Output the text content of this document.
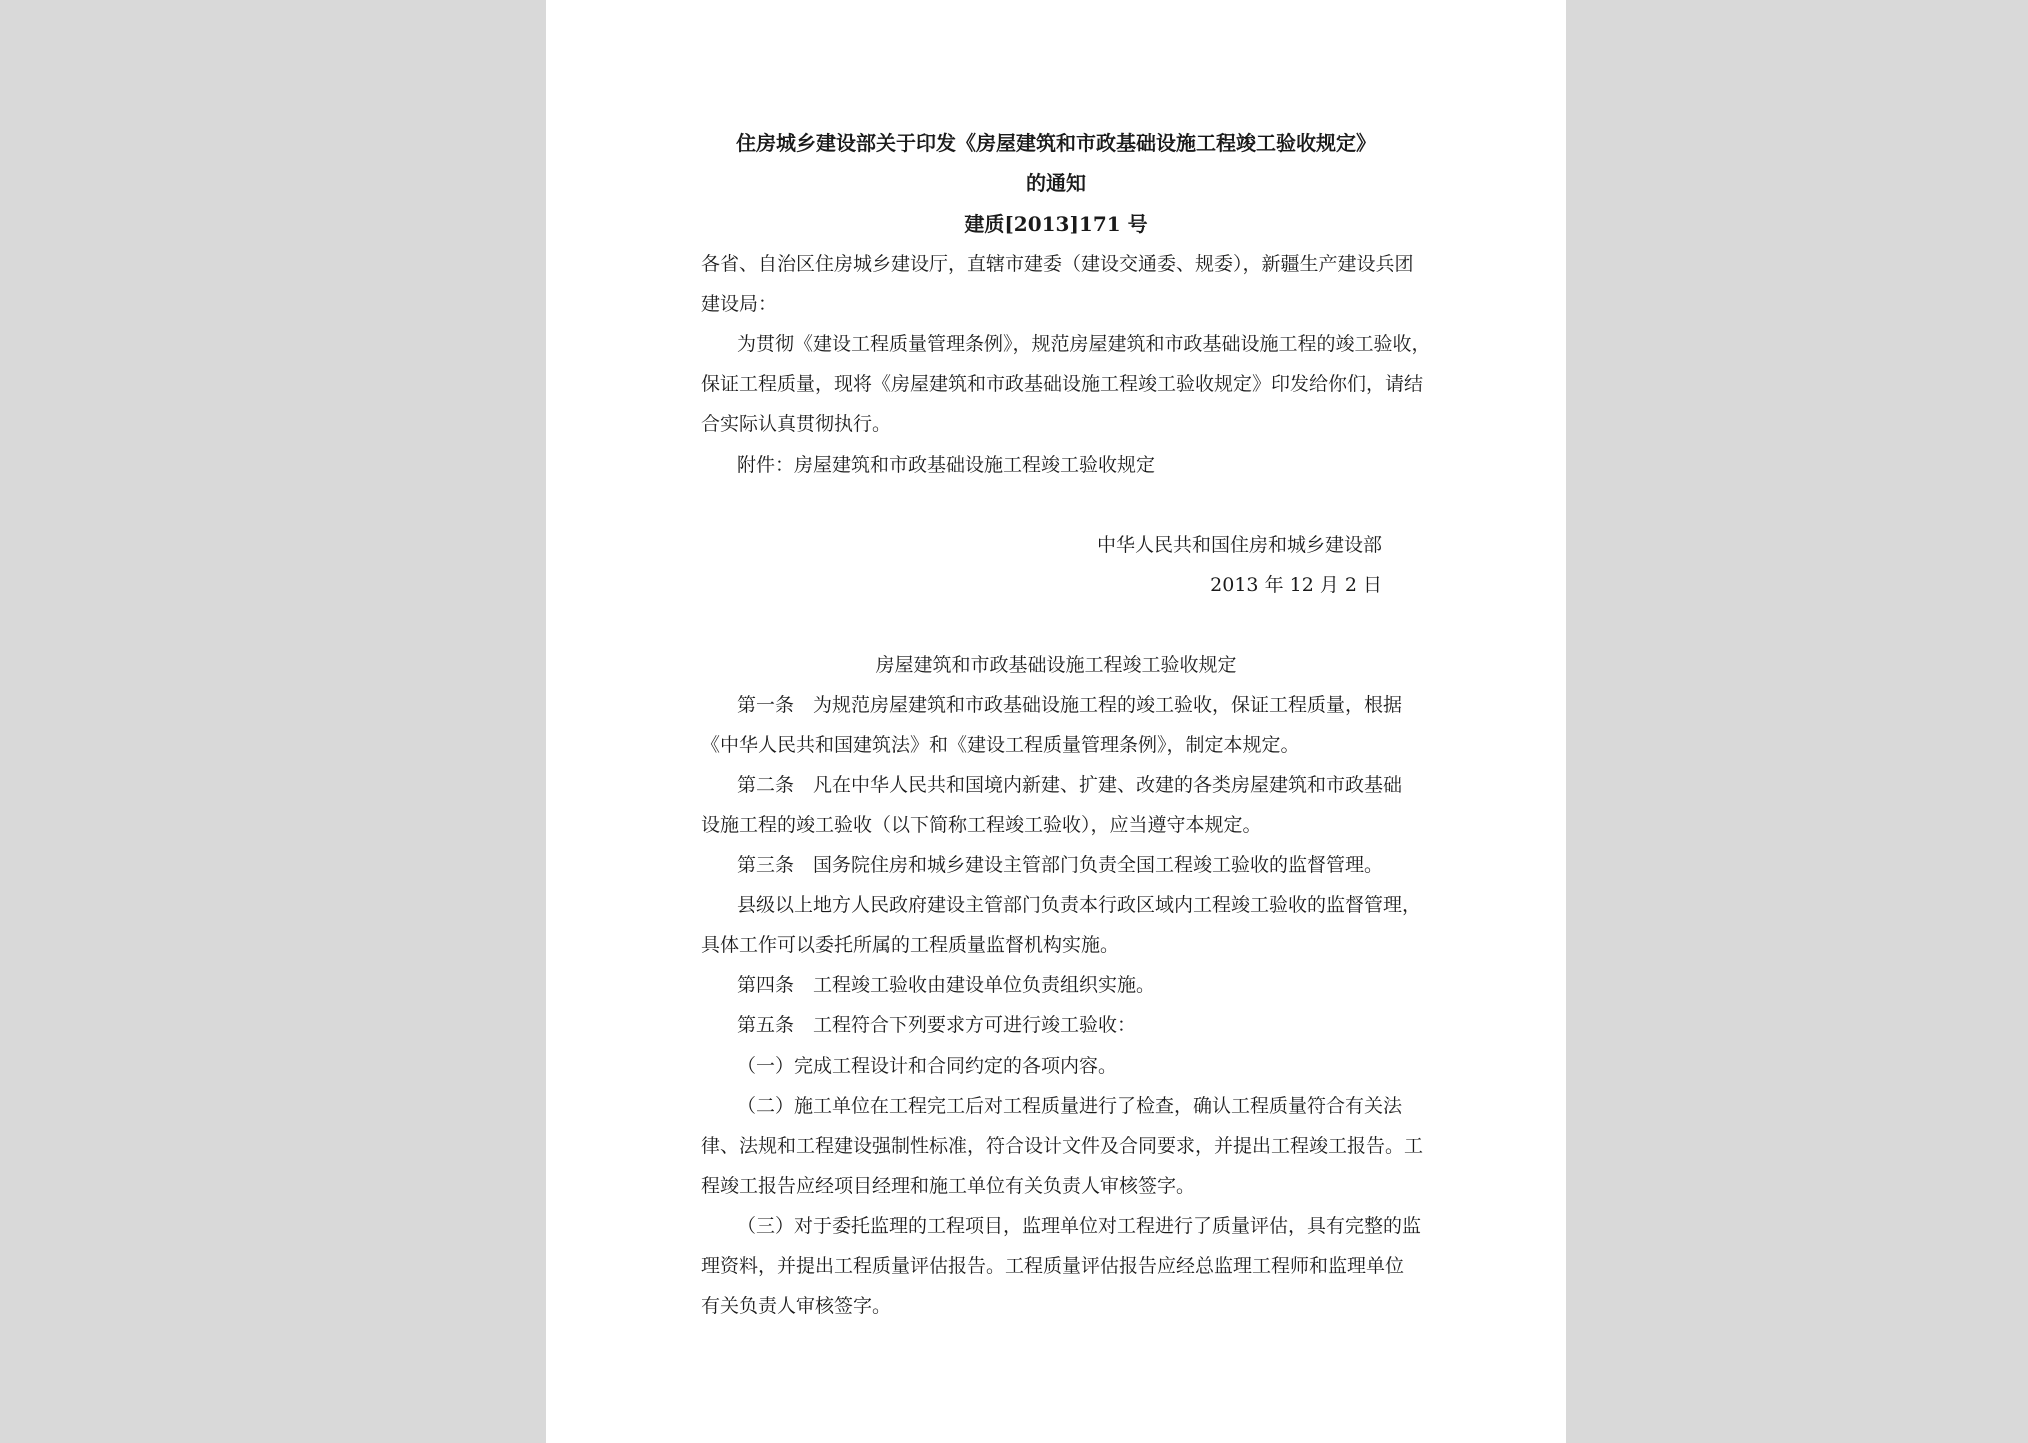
住房城乡建设部关于印发《房屋建筑和市政基础设施工程竣工验收规定》
的通知
建质[2013]171 号
各省、自治区住房城乡建设厅，直辖市建委（建设交通委、规委），新疆生产建设兵团
建设局：
为贯彻《建设工程质量管理条例》，规范房屋建筑和市政基础设施工程的竣工验收，
保证工程质量，现将《房屋建筑和市政基础设施工程竣工验收规定》印发给你们，请结
合实际认真贯彻执行。
附件：房屋建筑和市政基础设施工程竣工验收规定
中华人民共和国住房和城乡建设部
2013 年 12 月 2 日
房屋建筑和市政基础设施工程竣工验收规定
第一条　为规范房屋建筑和市政基础设施工程的竣工验收，保证工程质量，根据
《中华人民共和国建筑法》和《建设工程质量管理条例》，制定本规定。
第二条　凡在中华人民共和国境内新建、扩建、改建的各类房屋建筑和市政基础
设施工程的竣工验收（以下简称工程竣工验收），应当遵守本规定。
第三条　国务院住房和城乡建设主管部门负责全国工程竣工验收的监督管理。
县级以上地方人民政府建设主管部门负责本行政区域内工程竣工验收的监督管理，
具体工作可以委托所属的工程质量监督机构实施。
第四条　工程竣工验收由建设单位负责组织实施。
第五条　工程符合下列要求方可进行竣工验收：
（一）完成工程设计和合同约定的各项内容。
（二）施工单位在工程完工后对工程质量进行了检查，确认工程质量符合有关法
律、法规和工程建设强制性标准，符合设计文件及合同要求，并提出工程竣工报告。工
程竣工报告应经项目经理和施工单位有关负责人审核签字。
（三）对于委托监理的工程项目，监理单位对工程进行了质量评估，具有完整的监
理资料，并提出工程质量评估报告。工程质量评估报告应经总监理工程师和监理单位
有关负责人审核签字。
